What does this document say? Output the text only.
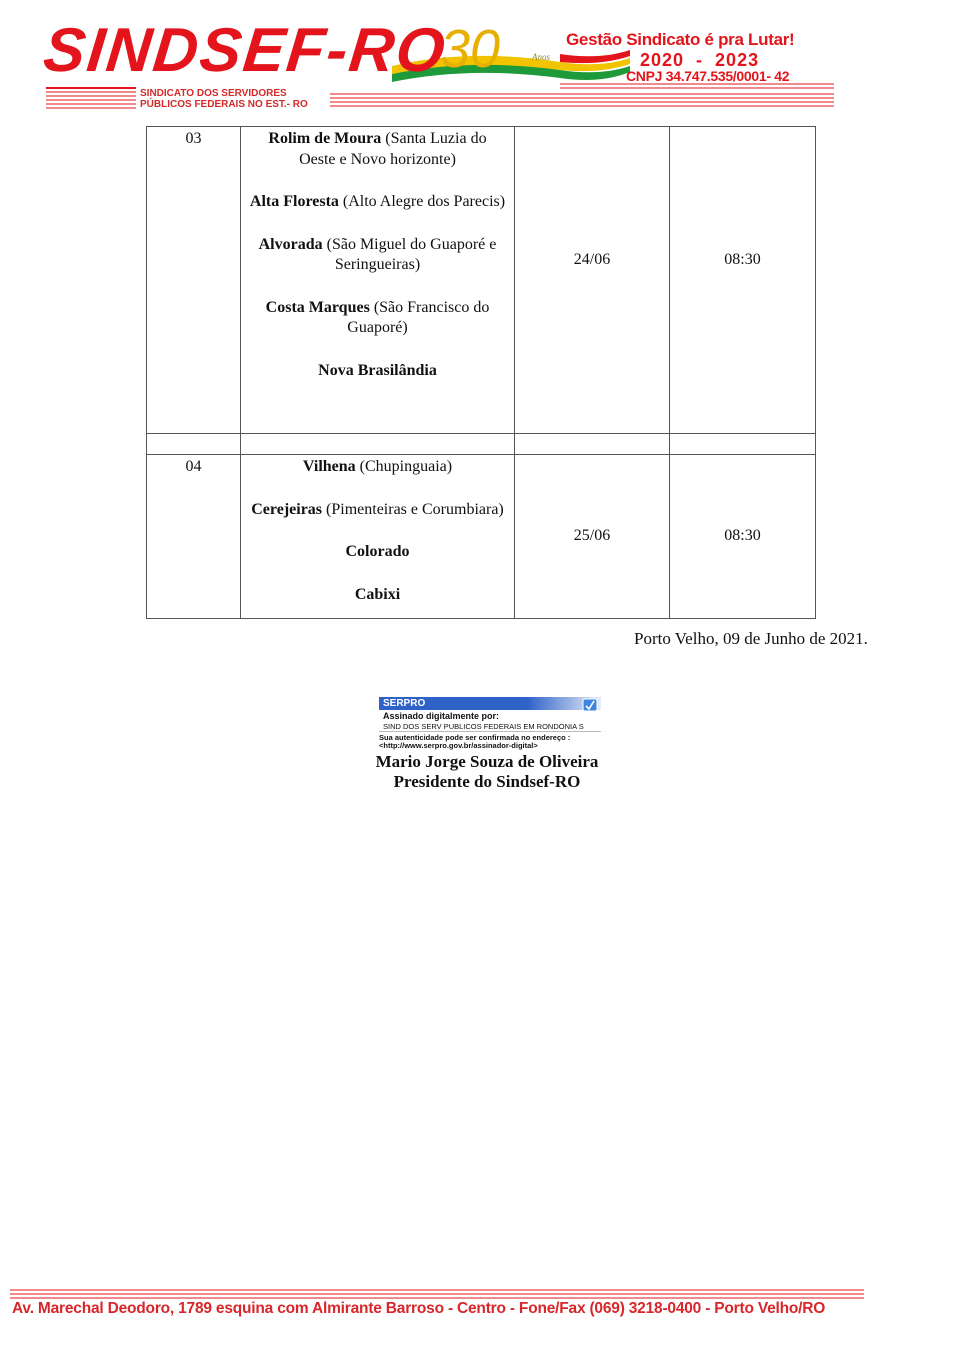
SINDSEF-RO
SINDICATO DOS SERVIDORES
PÚBLICOS FEDERAIS NO EST.- RO
30	Anos
Gestão Sindicato é pra Lutar!
2020  -  2023
CNPJ 34.747.535/0001- 42
03	Rolim de Moura (Santa Luzia do Oeste e Novo horizonte)

Alta Floresta (Alto Alegre dos Parecis)

Alvorada (São Miguel do Guaporé e Seringueiras)

Costa Marques (São Francisco do Guaporé)

Nova Brasilândia	24/06	08:30

04	Vilhena (Chupinguaia)

Cerejeiras (Pimenteiras e Corumbiara)

Colorado

Cabixi	25/06	08:30
Porto Velho, 09 de Junho de 2021.
SERPRO
Assinado digitalmente por:
SIND DOS SERV PUBLICOS FEDERAIS EM RONDONIA S
Sua autenticidade pode ser confirmada no endereço :
<http://www.serpro.gov.br/assinador-digital>
Mario Jorge Souza de Oliveira
Presidente do Sindsef-RO
Av. Marechal Deodoro, 1789 esquina com Almirante Barroso - Centro - Fone/Fax (069) 3218-0400 - Porto Velho/RO
